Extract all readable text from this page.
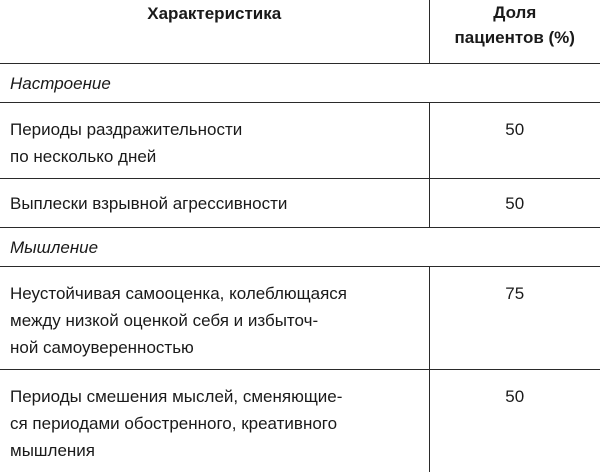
Характеристика	Доля
пациентов (%)
Настроение	
Периоды раздражительности
по несколько дней	50
Выплески взрывной агрессивности	50
Мышление	
Неустойчивая самооценка, колеблющаяся
между низкой оценкой себя и избыточ-
ной самоуверенностью	75
Периоды смешения мыслей, сменяющие-
ся периодами обостренного, креативного
мышления	50
